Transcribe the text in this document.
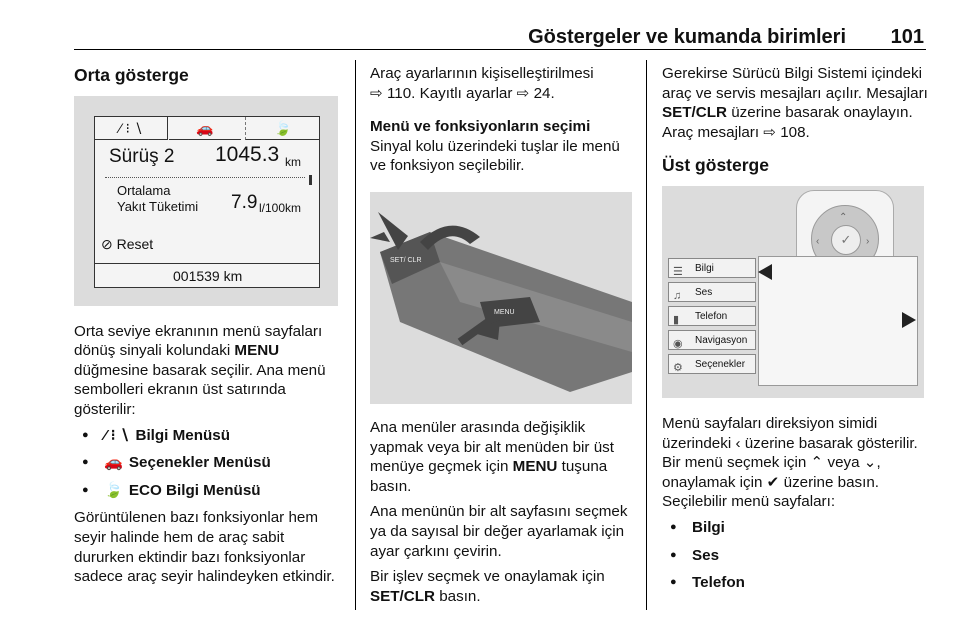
Göstergeler ve kumanda birimleri 101
Orta gösterge
⁄ ⁝ ∖	🚗	🍃
Sürüş 2 1045.3 km
Ortalama
Yakıt Tüketimi 7.9 l/100km
⊘ Reset
001539 km

Orta seviye ekranının menü sayfaları dönüş sinyali kolundaki MENU düğmesine basarak seçilir. Ana menü sembolleri ekranın üst satırında gösterilir:

● ⁄ ⁝ ∖ Bilgi Menüsü
● 🚗 Seçenekler Menüsü
● 🍃 ECO Bilgi Menüsü

Görüntülenen bazı fonksiyonlar hem seyir halinde hem de araç sabit dururken ektindir bazı fonksiyonlar sadece araç seyir halindeyken etkindir.

Araç ayarlarının kişiselleştirilmesi

⇨ 110. Kayıtlı ayarlar ⇨ 24.

Menü ve fonksiyonların seçimi

Sinyal kolu üzerindeki tuşlar ile menü ve fonksiyon seçilebilir.

SET/ CLR
MENU

Ana menüler arasında değişiklik yapmak veya bir alt menüden bir üst menüye geçmek için MENU tuşuna basın.

Ana menünün bir alt sayfasını seçmek ya da sayısal bir değer ayarlamak için ayar çarkını çevirin.

Bir işlev seçmek ve onaylamak için SET/CLR basın.

Gerekirse Sürücü Bilgi Sistemi içindeki araç ve servis mesajları açılır. Mesajları SET/CLR üzerine basarak onaylayın. Araç mesajları ⇨ 108.

Üst gösterge
✓
⌃
‹	›
☰ Bilgi
♫ Ses
▮ Telefon
◉ Navigasyon
⚙ Seçenekler

Menü sayfaları direksiyon simidi üzerindeki ‹ üzerine basarak gösterilir. Bir menü seçmek için ⌃ veya ⌄, onaylamak için ✔ üzerine basın. Seçilebilir menü sayfaları:

● Bilgi
● Ses
● Telefon
